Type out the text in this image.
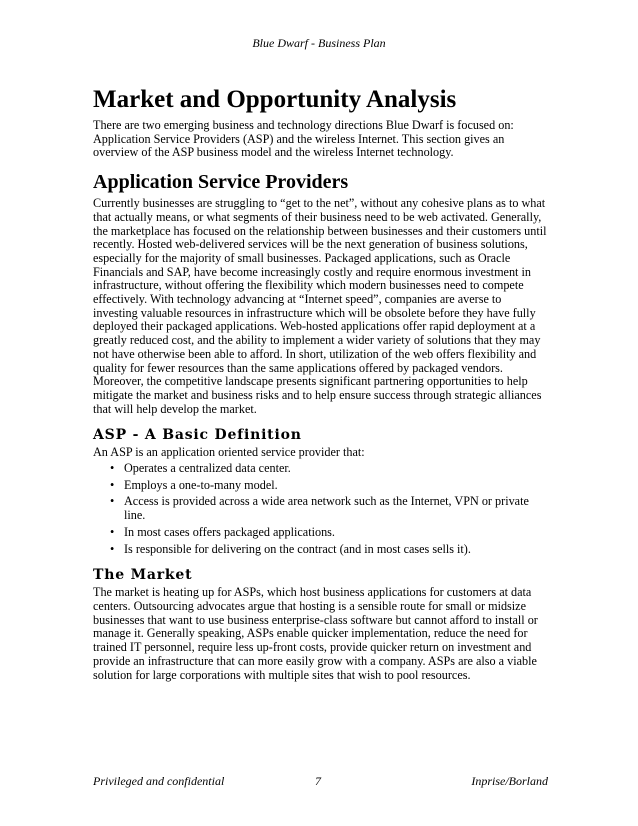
Blue Dwarf - Business Plan
Market and Opportunity Analysis

There are two emerging business and technology directions Blue Dwarf is focused on: Application Service Providers (ASP) and the wireless Internet. This section gives an overview of the ASP business model and the wireless Internet technology.

Application Service Providers

Currently businesses are struggling to “get to the net”, without any cohesive plans as to what that actually means, or what segments of their business need to be web activated. Generally, the marketplace has focused on the relationship between businesses and their customers until recently. Hosted web-delivered services will be the next generation of business solutions, especially for the majority of small businesses. Packaged applications, such as Oracle Financials and SAP, have become increasingly costly and require enormous investment in infrastructure, without offering the flexibility which modern businesses need to compete effectively. With technology advancing at “Internet speed”, companies are averse to investing valuable resources in infrastructure which will be obsolete before they have fully deployed their packaged applications. Web-hosted applications offer rapid deployment at a greatly reduced cost, and the ability to implement a wider variety of solutions that they may not have otherwise been able to afford. In short, utilization of the web offers flexibility and quality for fewer resources than the same applications offered by packaged vendors. Moreover, the competitive landscape presents significant partnering opportunities to help mitigate the market and business risks and to help ensure success through strategic alliances that will help develop the market.

ASP - A Basic Definition

An ASP is an application oriented service provider that:

• Operates a centralized data center.
• Employs a one-to-many model.
• Access is provided across a wide area network such as the Internet, VPN or private line.
• In most cases offers packaged applications.
• Is responsible for delivering on the contract (and in most cases sells it).
The Market

The market is heating up for ASPs, which host business applications for customers at data centers. Outsourcing advocates argue that hosting is a sensible route for small or midsize businesses that want to use business enterprise-class software but cannot afford to install or manage it. Generally speaking, ASPs enable quicker implementation, reduce the need for trained IT personnel, require less up-front costs, provide quicker return on investment and provide an infrastructure that can more easily grow with a company. ASPs are also a viable solution for large corporations with multiple sites that wish to pool resources.

Privileged and confidential	7	Inprise/Borland
